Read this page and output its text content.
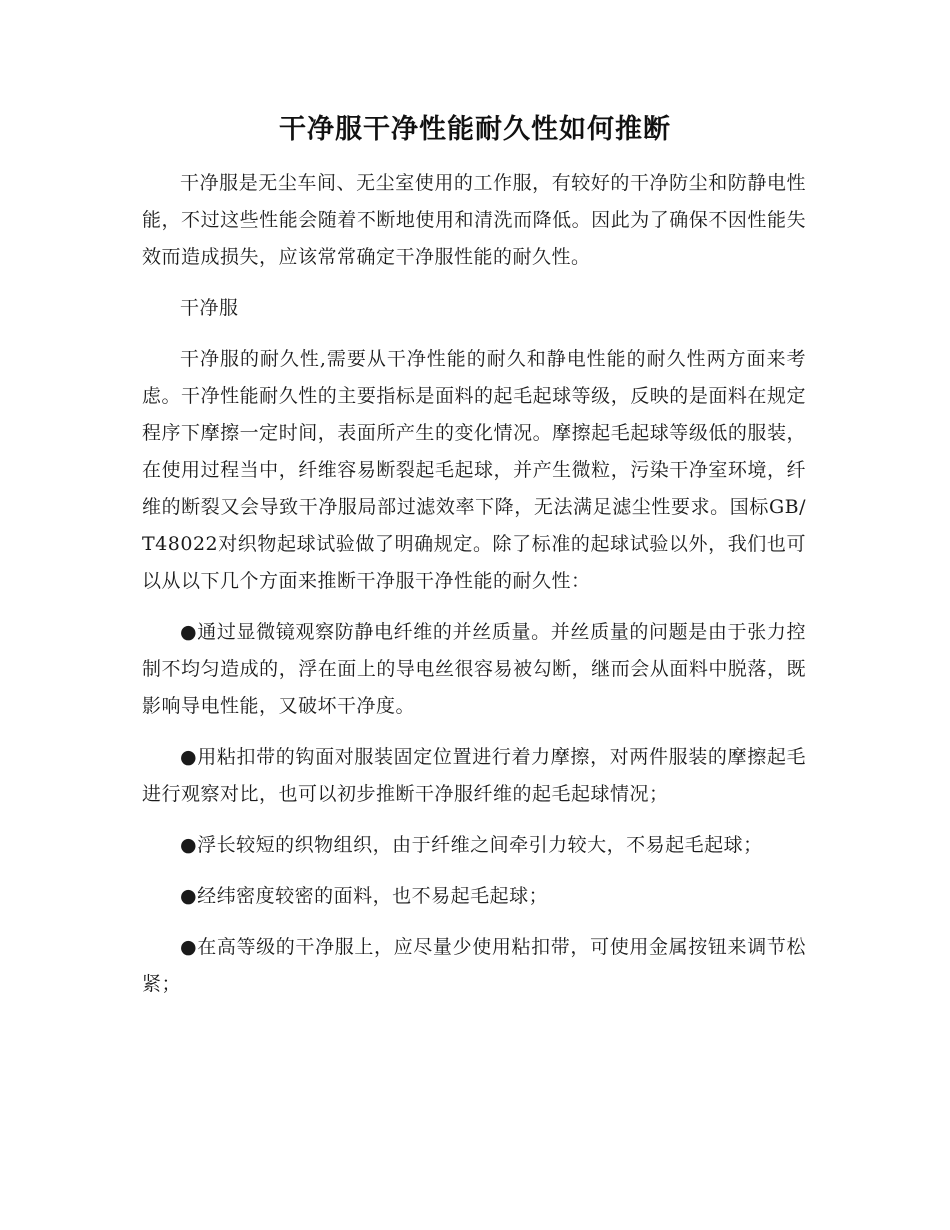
干净服干净性能耐久性如何推断

干净服是无尘车间、无尘室使用的工作服，有较好的干净防尘和防静电性能，不过这些性能会随着不断地使用和清洗而降低。因此为了确保不因性能失效而造成损失，应该常常确定干净服性能的耐久性。

干净服

干净服的耐久性,需要从干净性能的耐久和静电性能的耐久性两方面来考虑。干净性能耐久性的主要指标是面料的起毛起球等级，反映的是面料在规定程序下摩擦一定时间，表面所产生的变化情况。摩擦起毛起球等级低的服装，在使用过程当中，纤维容易断裂起毛起球，并产生微粒，污染干净室环境，纤维的断裂又会导致干净服局部过滤效率下降，无法满足滤尘性要求。国标GB/T48022对织物起球试验做了明确规定。除了标准的起球试验以外，我们也可以从以下几个方面来推断干净服干净性能的耐久性：

●通过显微镜观察防静电纤维的并丝质量。并丝质量的问题是由于张力控制不均匀造成的，浮在面上的导电丝很容易被勾断，继而会从面料中脱落，既影响导电性能，又破坏干净度。

●用粘扣带的钩面对服装固定位置进行着力摩擦，对两件服装的摩擦起毛进行观察对比，也可以初步推断干净服纤维的起毛起球情况；

●浮长较短的织物组织，由于纤维之间牵引力较大，不易起毛起球；

●经纬密度较密的面料，也不易起毛起球；

●在高等级的干净服上，应尽量少使用粘扣带，可使用金属按钮来调节松紧；
